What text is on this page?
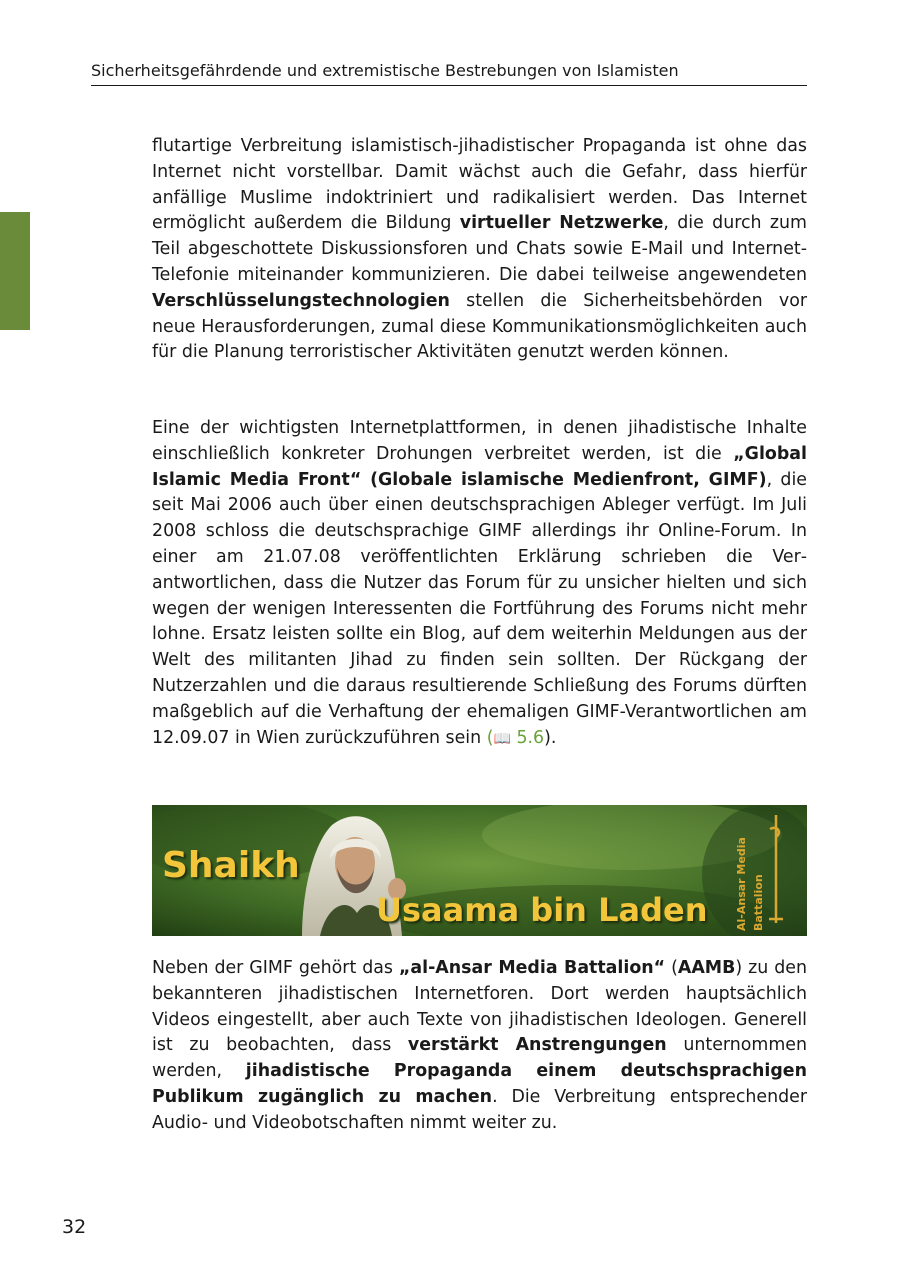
Sicherheitsgefährdende und extremistische Bestrebungen von Islamisten

flutartige Verbreitung islamistisch-jihadistischer Propaganda ist ohne das Internet nicht vorstellbar. Damit wächst auch die Gefahr, dass hierfür anfällige Muslime indoktriniert und radikalisiert werden. Das Internet ermöglicht außerdem die Bildung virtueller Netzwerke, die durch zum Teil abgeschottete Diskussionsforen und Chats sowie E-Mail und Internet-Telefonie miteinander kommunizieren. Die dabei teilweise angewendeten Verschlüsselungstechnologien stellen die Sicherheitsbehörden vor neue Herausforderungen, zumal diese Kommunikationsmöglichkeiten auch für die Planung terroristischer Aktivitäten genutzt werden können.

Eine der wichtigsten Internetplattformen, in denen jihadistische Inhalte einschließlich konkreter Drohungen verbreitet werden, ist die „Global Islamic Media Front“ (Globale islamische Medienfront, GIMF), die seit Mai 2006 auch über einen deutschsprachigen Ableger verfügt. Im Juli 2008 schloss die deutschsprachige GIMF allerdings ihr Online-Forum. In einer am 21.07.08 veröffentlichten Erklärung schrieben die Verantwortlichen, dass die Nutzer das Forum für zu unsicher hielten und sich wegen der wenigen Interessenten die Fortführung des Forums nicht mehr lohne. Ersatz leisten sollte ein Blog, auf dem weiterhin Meldungen aus der Welt des militanten Jihad zu finden sein sollten. Der Rückgang der Nutzerzahlen und die daraus resultierende Schließung des Forums dürften maßgeblich auf die Verhaftung der ehemaligen GIMF-Verantwortlichen am 12.09.07 in Wien zurückzuführen sein (📖 5.6).

Shaikh
Usaama bin Laden	Al-Ansar Media Battalion

Neben der GIMF gehört das „al-Ansar Media Battalion“ (AAMB) zu den bekannteren jihadistischen Internetforen. Dort werden hauptsächlich Videos eingestellt, aber auch Texte von jihadistischen Ideologen. Generell ist zu beobachten, dass verstärkt Anstrengungen unternommen werden, jihadistische Propaganda einem deutschsprachigen Publikum zugänglich zu machen. Die Verbreitung entsprechender Audio- und Videobotschaften nimmt weiter zu.

32
